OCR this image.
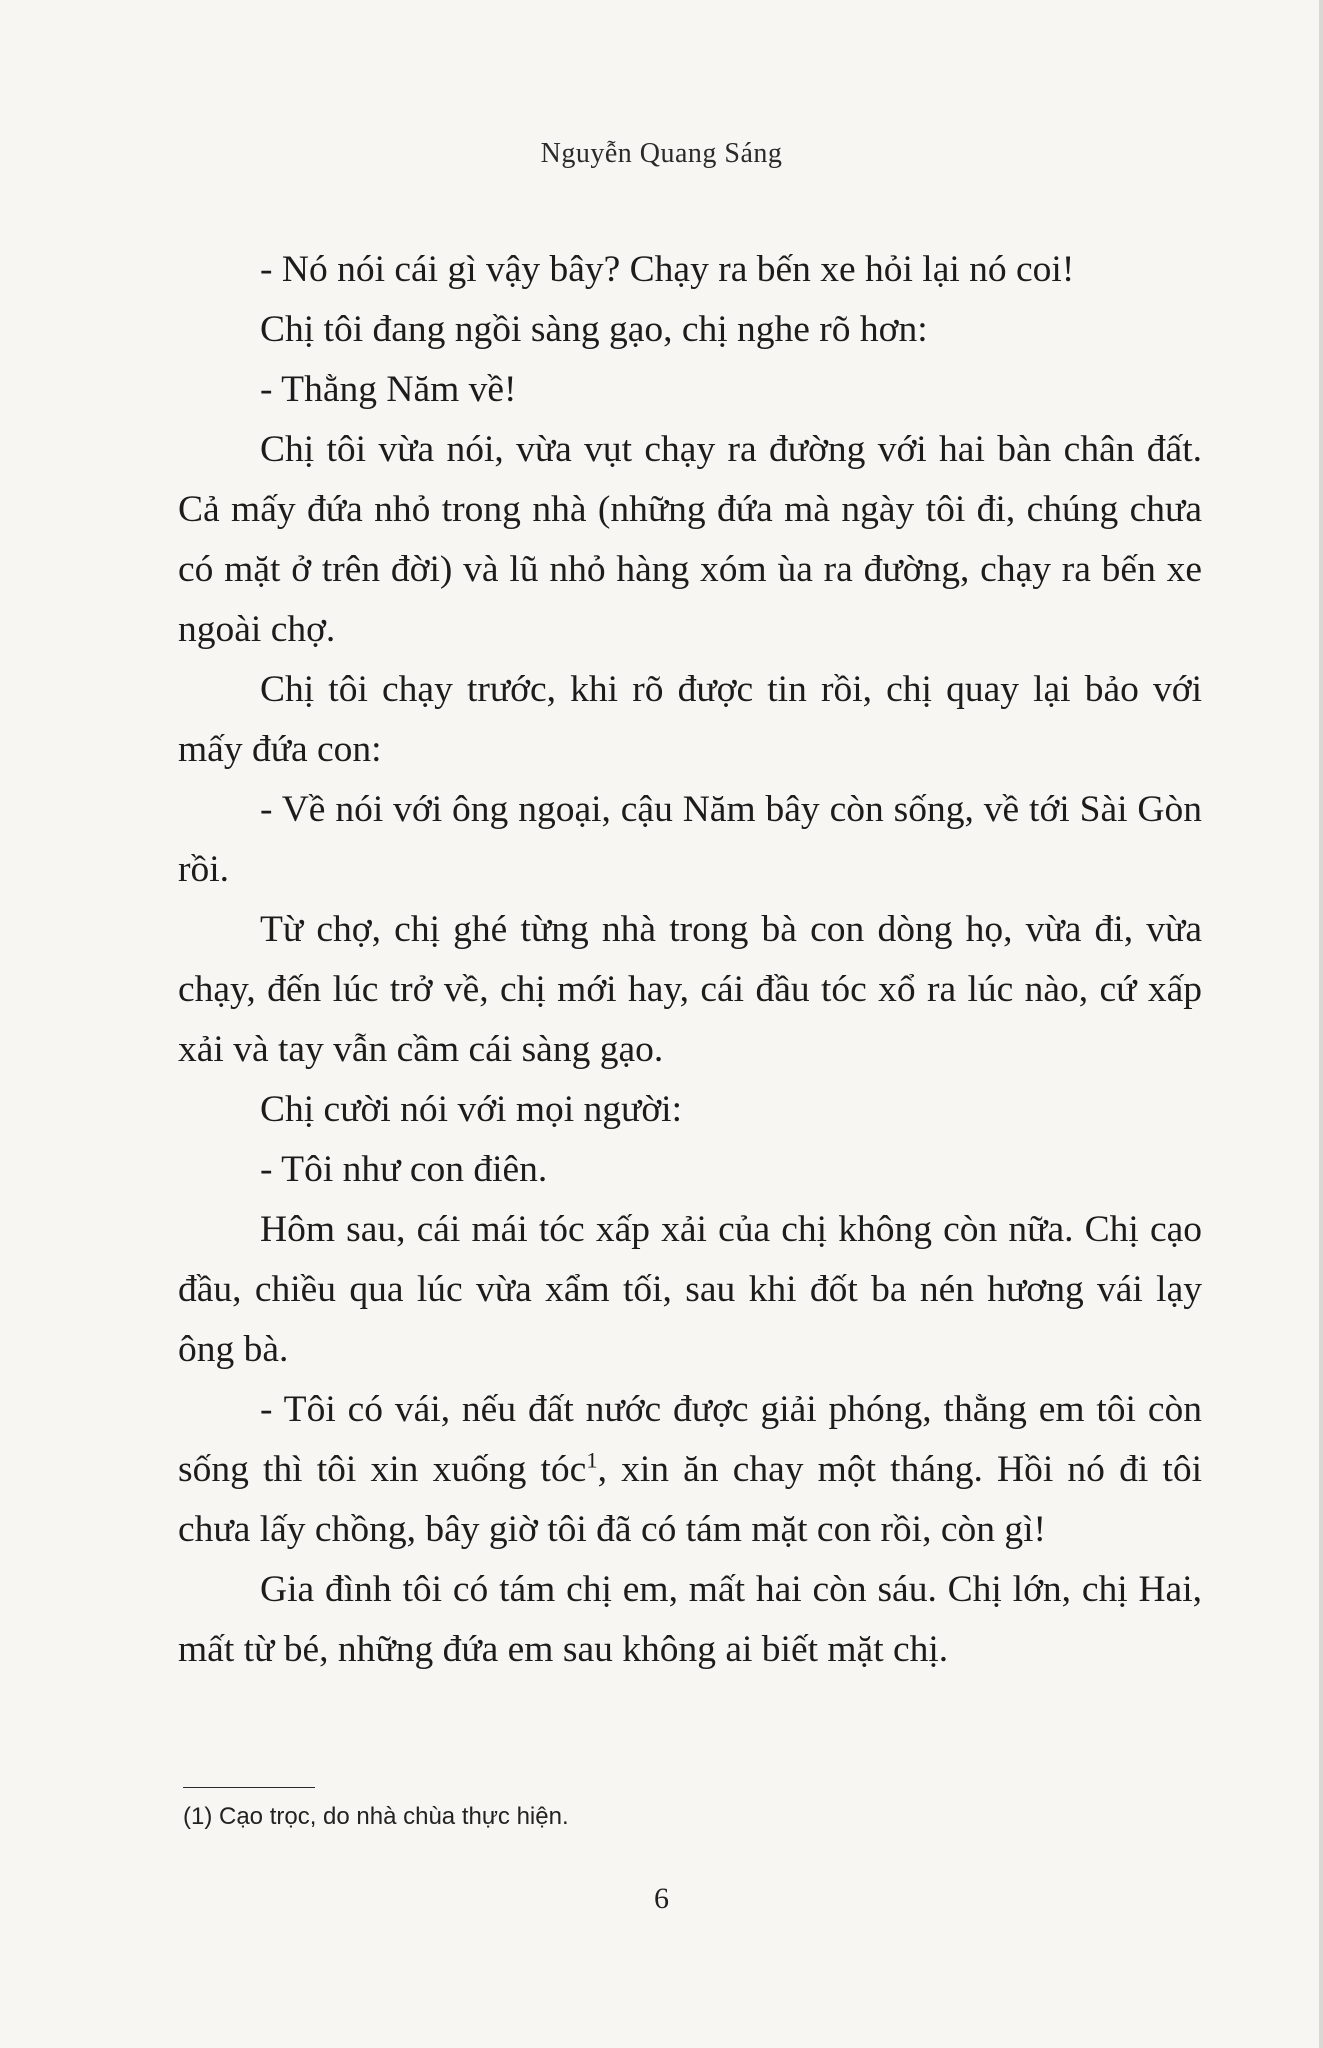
Nguyễn Quang Sáng

- Nó nói cái gì vậy bây? Chạy ra bến xe hỏi lại nó coi!

Chị tôi đang ngồi sàng gạo, chị nghe rõ hơn:

- Thằng Năm về!

Chị tôi vừa nói, vừa vụt chạy ra đường với hai bàn chân đất. Cả mấy đứa nhỏ trong nhà (những đứa mà ngày tôi đi, chúng chưa có mặt ở trên đời) và lũ nhỏ hàng xóm ùa ra đường, chạy ra bến xe ngoài chợ.

Chị tôi chạy trước, khi rõ được tin rồi, chị quay lại bảo với mấy đứa con:

- Về nói với ông ngoại, cậu Năm bây còn sống, về tới Sài Gòn rồi.

Từ chợ, chị ghé từng nhà trong bà con dòng họ, vừa đi, vừa chạy, đến lúc trở về, chị mới hay, cái đầu tóc xổ ra lúc nào, cứ xấp xải và tay vẫn cầm cái sàng gạo.

Chị cười nói với mọi người:

- Tôi như con điên.

Hôm sau, cái mái tóc xấp xải của chị không còn nữa. Chị cạo đầu, chiều qua lúc vừa xẩm tối, sau khi đốt ba nén hương vái lạy ông bà.

- Tôi có vái, nếu đất nước được giải phóng, thằng em tôi còn sống thì tôi xin xuống tóc$^1$, xin ăn chay một tháng. Hồi nó đi tôi chưa lấy chồng, bây giờ tôi đã có tám mặt con rồi, còn gì!

Gia đình tôi có tám chị em, mất hai còn sáu. Chị lớn, chị Hai, mất từ bé, những đứa em sau không ai biết mặt chị.

(1) Cạo trọc, do nhà chùa thực hiện.
6
